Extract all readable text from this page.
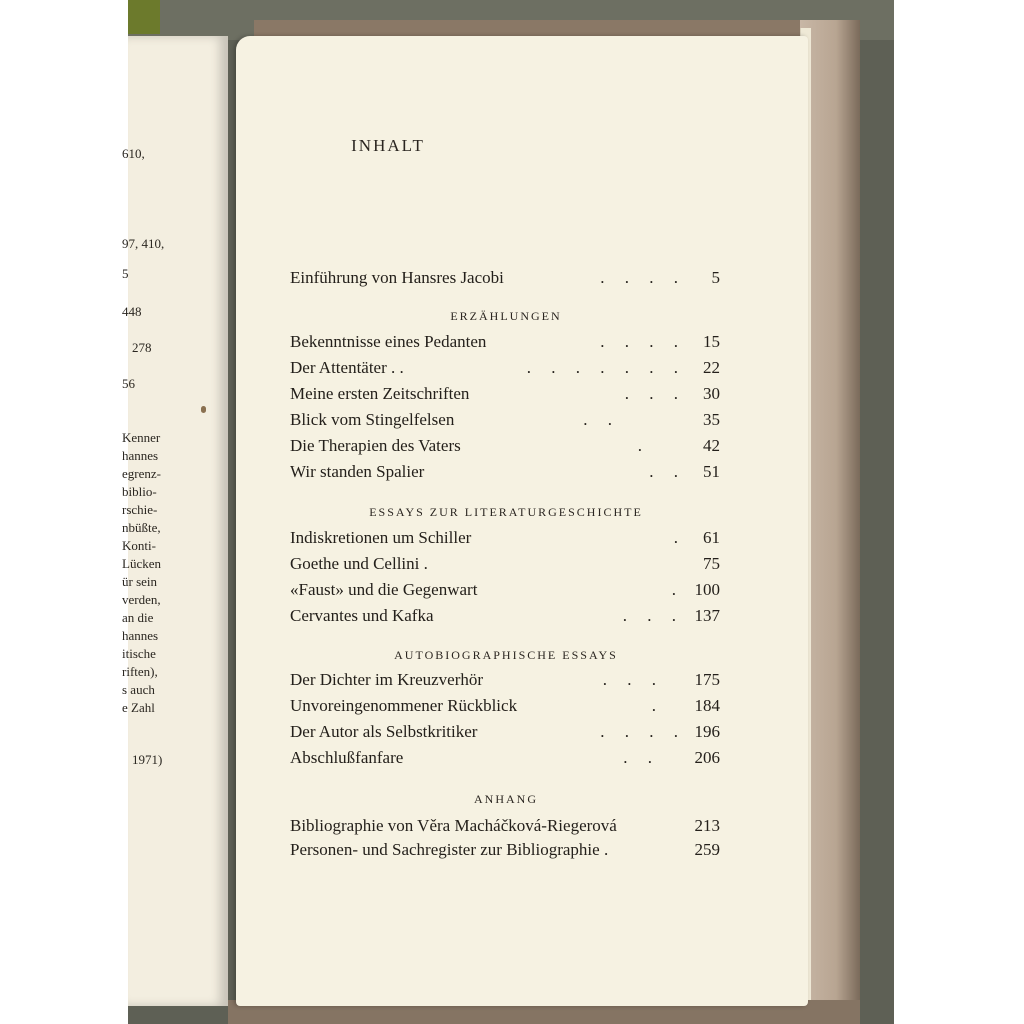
610,
97, 410,
5
448
278
56
Kenner
hannes
egrenz-
biblio-
rschie-
nbüßte,
Konti-
Lücken
ür sein
verden,
an die
hannes
itische
riften),
s auch
e Zahl
1971)
INHALT
Einführung von Hansres Jacobi	. . . . 5
ERZÄHLUNGEN
Bekenntnisse eines Pedanten	. . . . 15
Der Attentäter . .	. . . . . . . 22
Meine ersten Zeitschriften	. . . 30
Blick vom Stingelfelsen	. .	35
Die Therapien des Vaters	.	42
Wir standen Spalier	. . 51
ESSAYS ZUR LITERATURGESCHICHTE
Indiskretionen um Schiller	. 61
Goethe und Cellini .	75
«Faust» und die Gegenwart	. 100
Cervantes und Kafka	. . . 137
AUTOBIOGRAPHISCHE ESSAYS
Der Dichter im Kreuzverhör	. . . 175
Unvoreingenommener Rückblick	. 184
Der Autor als Selbstkritiker	. . . . 196
Abschlußfanfare	. . 206
ANHANG
Bibliographie von Věra Macháčková-Riegerová	213
Personen- und Sachregister zur Bibliographie .	259
